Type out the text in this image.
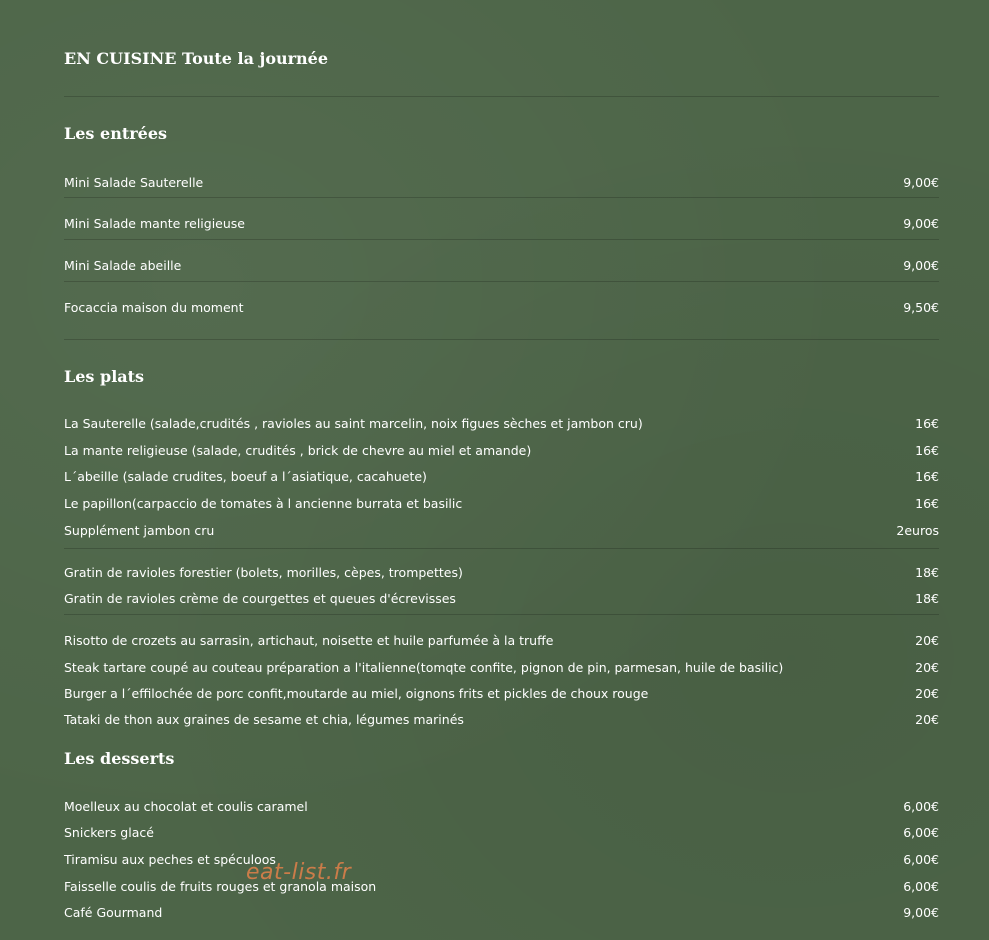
EN CUISINE Toute la journée
Les entrées
Mini Salade Sauterelle	9,00€
Mini Salade mante religieuse	9,00€
Mini Salade abeille	9,00€
Focaccia maison du moment	9,50€
Les plats
La Sauterelle (salade,crudités , ravioles au saint marcelin, noix figues sèches et jambon cru)	16€
La mante religieuse (salade, crudités , brick de chevre au miel et amande)	16€
L´abeille (salade crudites, boeuf a l´asiatique, cacahuete)	16€
Le papillon(carpaccio de tomates à l ancienne burrata et basilic	16€
Supplément jambon cru	2euros
Gratin de ravioles forestier (bolets, morilles, cèpes, trompettes)	18€
Gratin de ravioles crème de courgettes et queues d'écrevisses	18€
Risotto de crozets au sarrasin, artichaut, noisette et huile parfumée à la truffe	20€
Steak tartare coupé au couteau préparation a l'italienne(tomqte confite, pignon de pin, parmesan, huile de basilic)	20€
Burger a l´effilochée de porc confit,moutarde au miel, oignons frits et pickles de choux rouge	20€
Tataki de thon aux graines de sesame et chia, légumes marinés	20€
Les desserts
Moelleux au chocolat et coulis caramel	6,00€
Snickers glacé	6,00€
Tiramisu aux peches et spéculoos	6,00€
Faisselle coulis de fruits rouges et granola maison	6,00€
Café Gourmand	9,00€
eat-list.fr
